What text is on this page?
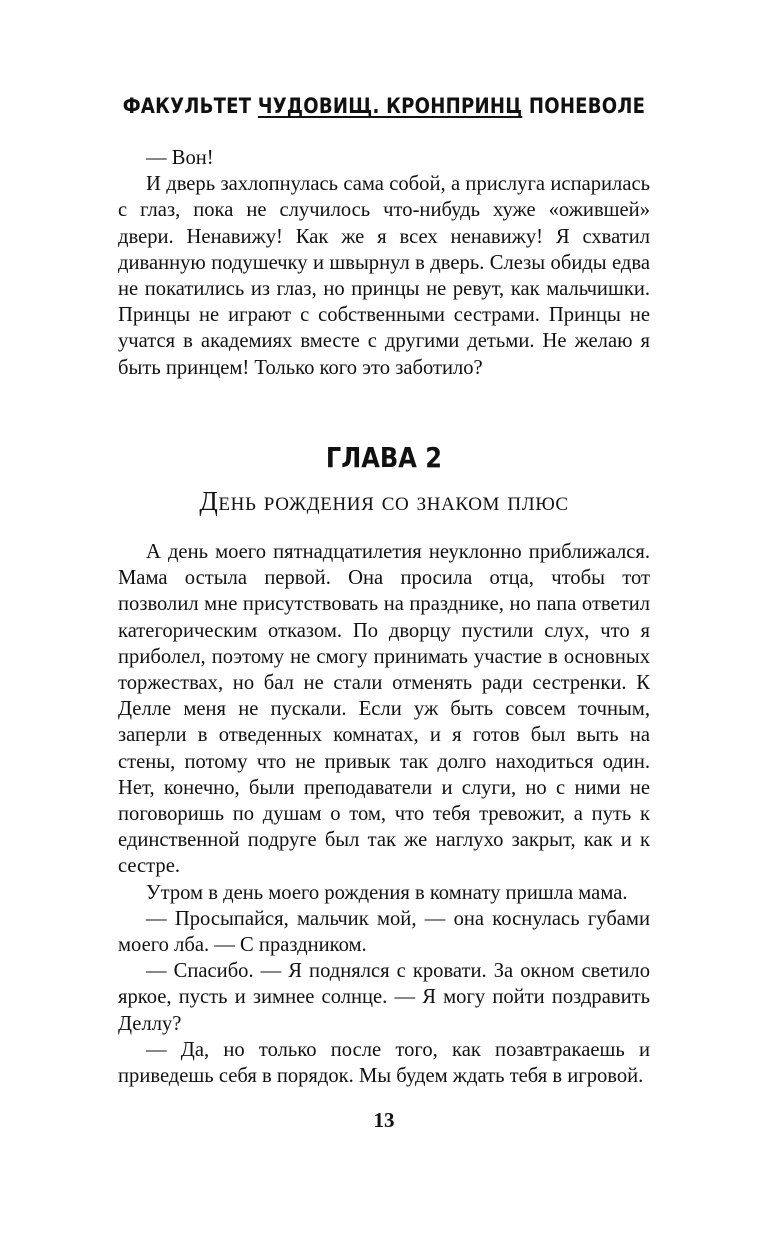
ФАКУЛЬТЕТ ЧУДОВИЩ. КРОНПРИНЦ ПОНЕВОЛЕ

— Вон!

И дверь захлопнулась сама собой, а прислуга испарилась с глаз, пока не случилось что-нибудь хуже «ожившей» двери. Ненавижу! Как же я всех ненавижу! Я схватил диванную подушечку и швырнул в дверь. Слезы обиды едва не покатились из глаз, но принцы не ревут, как мальчишки. Принцы не играют с собственными сестрами. Принцы не учатся в академиях вместе с другими детьми. Не желаю я быть принцем! Только кого это заботило?

ГЛАВА 2
День рождения со знаком плюс

А день моего пятнадцатилетия неуклонно приближался. Мама остыла первой. Она просила отца, чтобы тот позволил мне присутствовать на празднике, но папа ответил категорическим отказом. По дворцу пустили слух, что я приболел, поэтому не смогу принимать участие в основных торжествах, но бал не стали отменять ради сестренки. К Делле меня не пускали. Если уж быть совсем точным, заперли в отведенных комнатах, и я готов был выть на стены, потому что не привык так долго находиться один. Нет, конечно, были преподаватели и слуги, но с ними не поговоришь по душам о том, что тебя тревожит, а путь к единственной подруге был так же наглухо закрыт, как и к сестре.

Утром в день моего рождения в комнату пришла мама.

— Просыпайся, мальчик мой, — она коснулась губами моего лба. — С праздником.

— Спасибо. — Я поднялся с кровати. За окном светило яркое, пусть и зимнее солнце. — Я могу пойти поздравить Деллу?

— Да, но только после того, как позавтракаешь и приведешь себя в порядок. Мы будем ждать тебя в игровой.

13
